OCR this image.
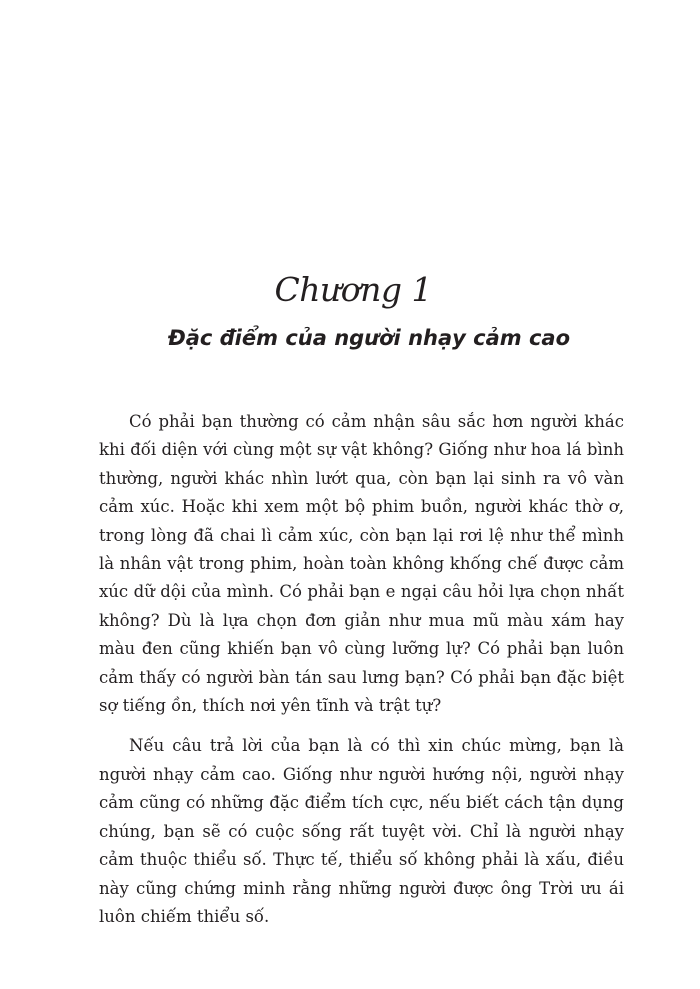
Chương 1
Đặc điểm của người nhạy cảm cao

Có phải bạn thường có cảm nhận sâu sắc hơn người khác khi đối diện với cùng một sự vật không? Giống như hoa lá bình thường, người khác nhìn lướt qua, còn bạn lại sinh ra vô vàn cảm xúc. Hoặc khi xem một bộ phim buồn, người khác thờ ơ, trong lòng đã chai lì cảm xúc, còn bạn lại rơi lệ như thể mình là nhân vật trong phim, hoàn toàn không khống chế được cảm xúc dữ dội của mình. Có phải bạn e ngại câu hỏi lựa chọn nhất không? Dù là lựa chọn đơn giản như mua mũ màu xám hay màu đen cũng khiến bạn vô cùng lưỡng lự? Có phải bạn luôn cảm thấy có người bàn tán sau lưng bạn? Có phải bạn đặc biệt sợ tiếng ồn, thích nơi yên tĩnh và trật tự?

Nếu câu trả lời của bạn là có thì xin chúc mừng, bạn là người nhạy cảm cao. Giống như người hướng nội, người nhạy cảm cũng có những đặc điểm tích cực, nếu biết cách tận dụng chúng, bạn sẽ có cuộc sống rất tuyệt vời. Chỉ là người nhạy cảm thuộc thiểu số. Thực tế, thiểu số không phải là xấu, điều này cũng chứng minh rằng những người được ông Trời ưu ái luôn chiếm thiểu số.
